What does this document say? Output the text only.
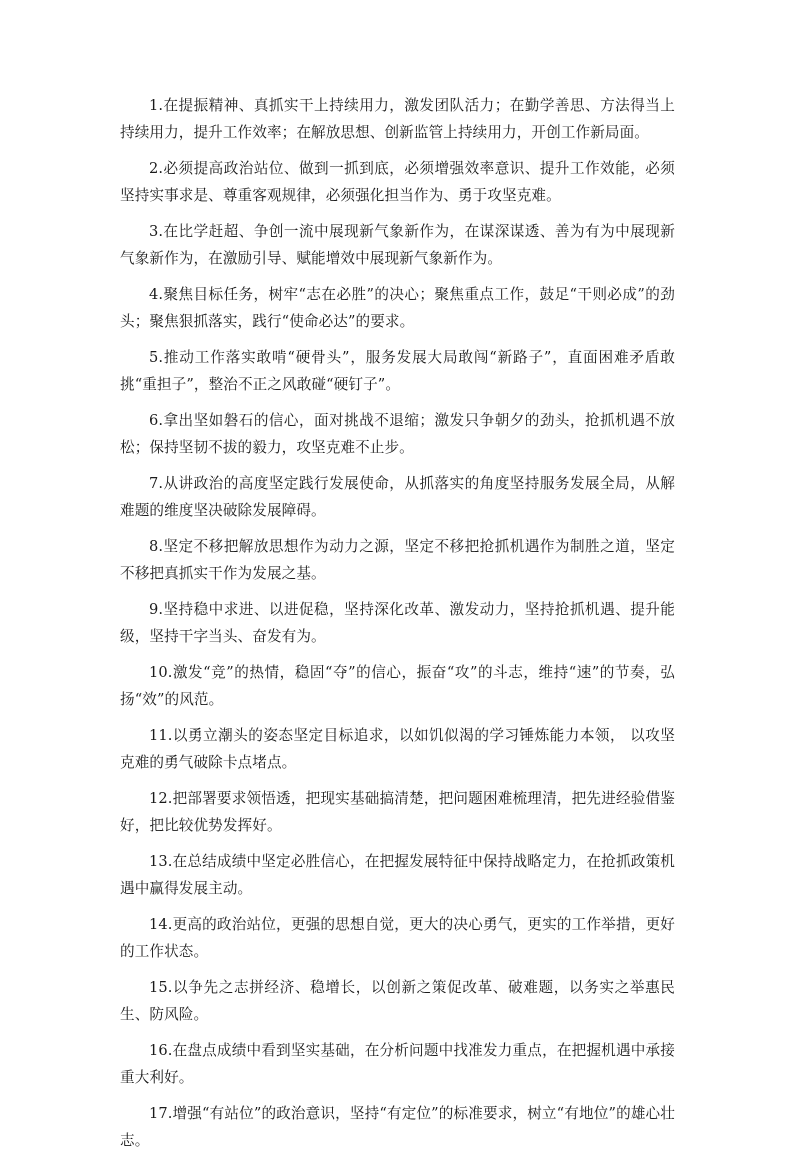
1.在提振精神、真抓实干上持续用力，激发团队活力；在勤学善思、方法得当上持续用力，提升工作效率；在解放思想、创新监管上持续用力，开创工作新局面。

2.必须提高政治站位、做到一抓到底，必须增强效率意识、提升工作效能，必须坚持实事求是、尊重客观规律，必须强化担当作为、勇于攻坚克难。

3.在比学赶超、争创一流中展现新气象新作为，在谋深谋透、善为有为中展现新气象新作为，在激励引导、赋能增效中展现新气象新作为。

4.聚焦目标任务，树牢“志在必胜”的决心；聚焦重点工作，鼓足“干则必成”的劲头；聚焦狠抓落实，践行“使命必达”的要求。

5.推动工作落实敢啃“硬骨头”，服务发展大局敢闯“新路子”，直面困难矛盾敢挑“重担子”，整治不正之风敢碰“硬钉子”。

6.拿出坚如磐石的信心，面对挑战不退缩；激发只争朝夕的劲头，抢抓机遇不放松；保持坚韧不拔的毅力，攻坚克难不止步。

7.从讲政治的高度坚定践行发展使命，从抓落实的角度坚持服务发展全局，从解难题的维度坚决破除发展障碍。

8.坚定不移把解放思想作为动力之源，坚定不移把抢抓机遇作为制胜之道，坚定不移把真抓实干作为发展之基。

9.坚持稳中求进、以进促稳，坚持深化改革、激发动力，坚持抢抓机遇、提升能级，坚持干字当头、奋发有为。

10.激发“竞”的热情，稳固“夺”的信心，振奋“攻”的斗志，维持“速”的节奏，弘扬“效”的风范。

11.以勇立潮头的姿态坚定目标追求，以如饥似渴的学习锤炼能力本领， 以攻坚克难的勇气破除卡点堵点。

12.把部署要求领悟透，把现实基础搞清楚，把问题困难梳理清，把先进经验借鉴好，把比较优势发挥好。

13.在总结成绩中坚定必胜信心，在把握发展特征中保持战略定力，在抢抓政策机遇中赢得发展主动。

14.更高的政治站位，更强的思想自觉，更大的决心勇气，更实的工作举措，更好的工作状态。

15.以争先之志拼经济、稳增长，以创新之策促改革、破难题，以务实之举惠民生、防风险。

16.在盘点成绩中看到坚实基础，在分析问题中找准发力重点，在把握机遇中承接重大利好。

17.增强“有站位”的政治意识，坚持“有定位”的标准要求，树立“有地位”的雄心壮志。
